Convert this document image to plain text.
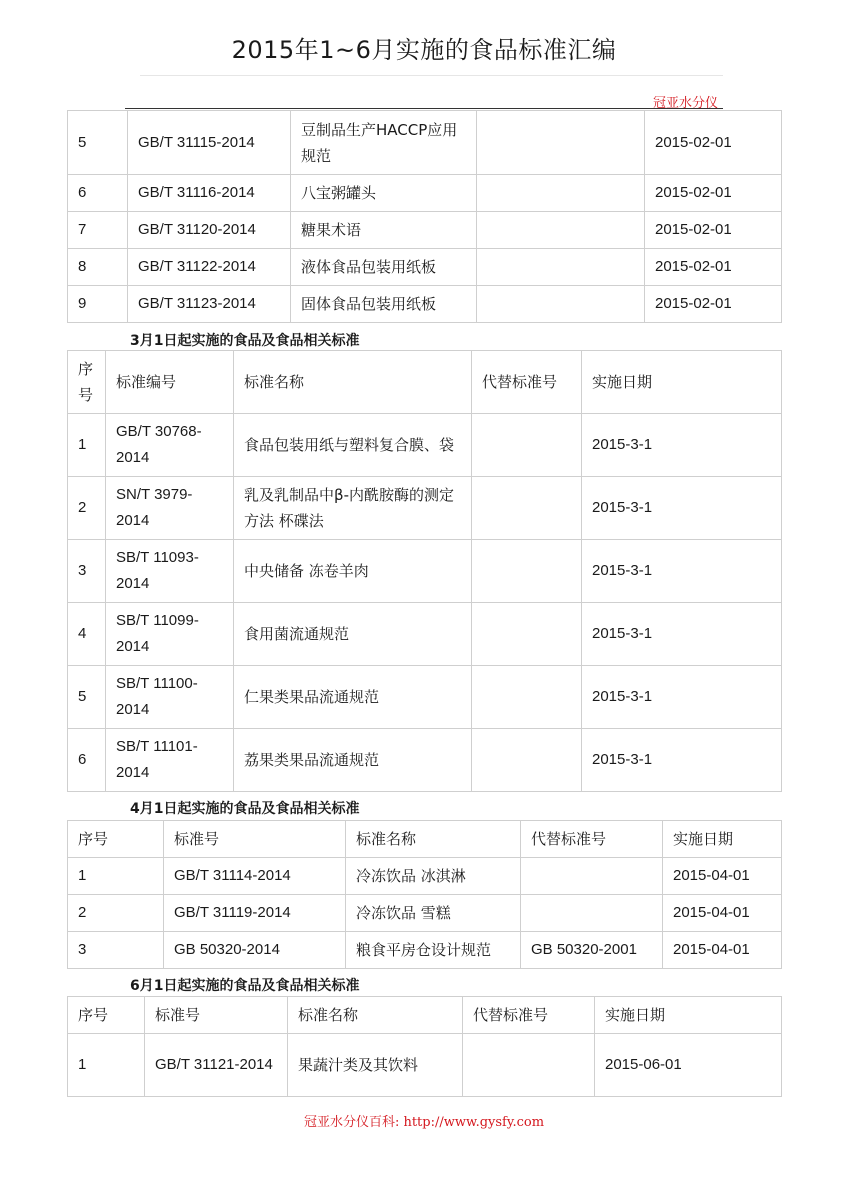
2015年1~6月实施的食品标准汇编
冠亚水分仪
5	GB/T 31115-2014	豆制品生产HACCP应用规范		2015-02-01
6	GB/T 31116-2014	八宝粥罐头		2015-02-01
7	GB/T 31120-2014	糖果术语		2015-02-01
8	GB/T 31122-2014	液体食品包装用纸板		2015-02-01
9	GB/T 31123-2014	固体食品包装用纸板		2015-02-01
3月1日起实施的食品及食品相关标准
序号	标准编号	标准名称	代替标准号	实施日期
1	GB/T 30768-2014	食品包装用纸与塑料复合膜、袋		2015-3-1
2	SN/T 3979-2014	乳及乳制品中β-内酰胺酶的测定方法 杯碟法		2015-3-1
3	SB/T 11093-2014	中央储备 冻卷羊肉		2015-3-1
4	SB/T 11099-2014	食用菌流通规范		2015-3-1
5	SB/T 11100-2014	仁果类果品流通规范		2015-3-1
6	SB/T 11101-2014	荔果类果品流通规范		2015-3-1
4月1日起实施的食品及食品相关标准
序号	标准号	标准名称	代替标准号	实施日期
1	GB/T 31114-2014	冷冻饮品 冰淇淋		2015-04-01
2	GB/T 31119-2014	冷冻饮品 雪糕		2015-04-01
3	GB 50320-2014	粮食平房仓设计规范	GB 50320-2001	2015-04-01
6月1日起实施的食品及食品相关标准
序号	标准号	标准名称	代替标准号	实施日期
1	GB/T 31121-2014	果蔬汁类及其饮料		2015-06-01
冠亚水分仪百科: http://www.gysfy.com
